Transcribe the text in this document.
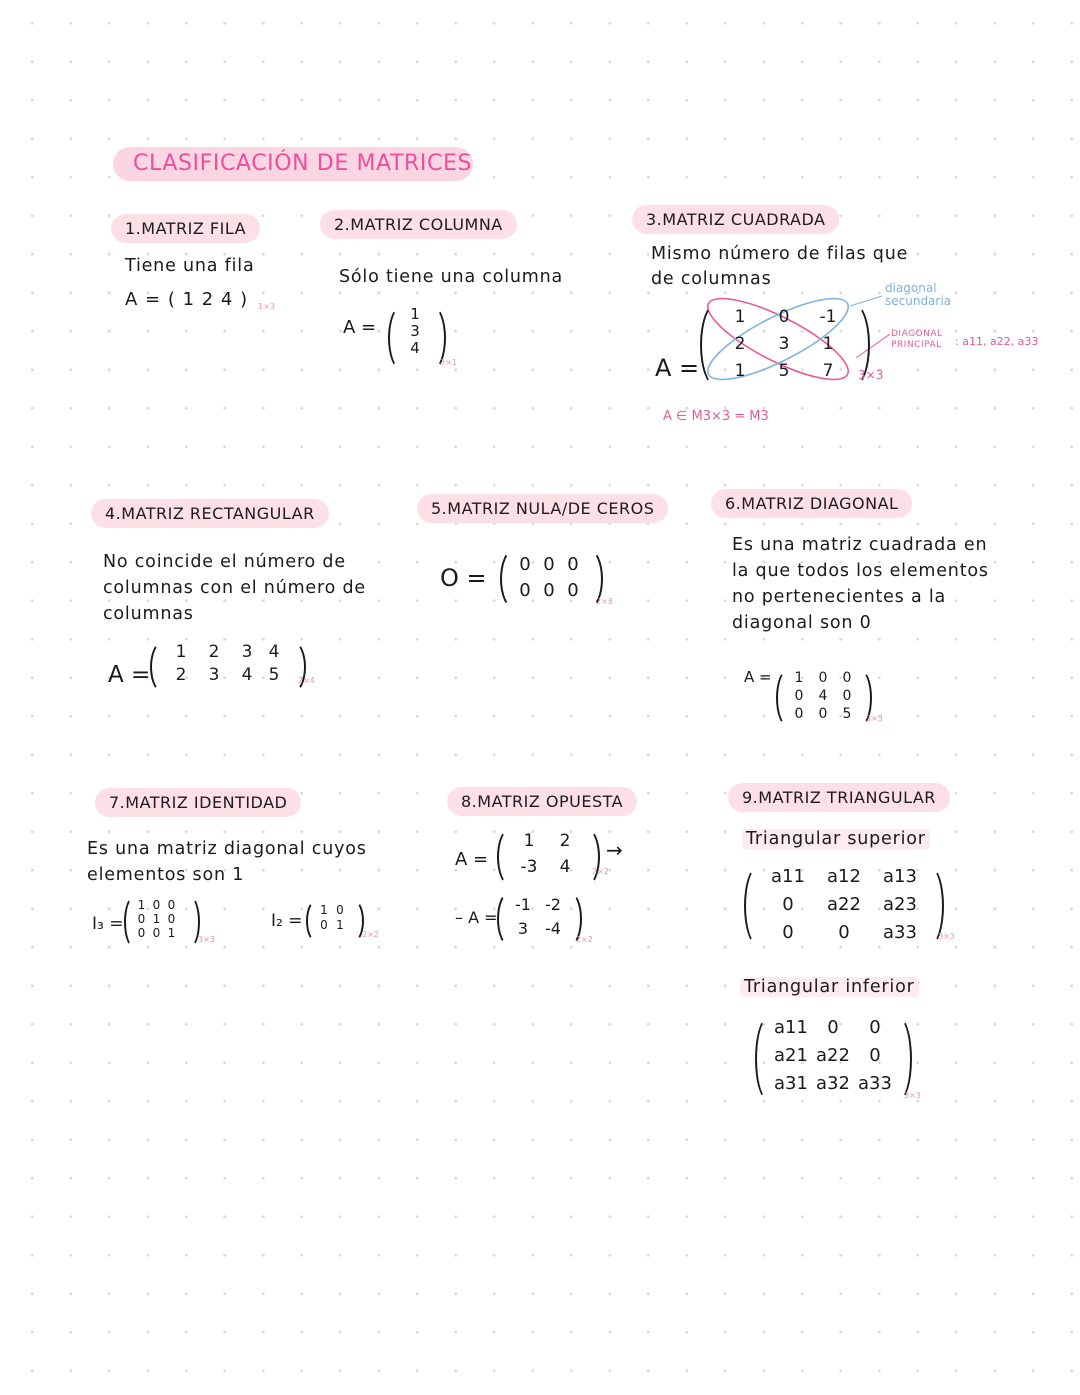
CLASIFICACIÓN DE MATRICES
1.MATRIZ FILA
Tiene una fila
A = ( 1 2 4 ) 1×3
2.MATRIZ COLUMNA
Sólo tiene una columna
A =
1
3
4
3×1
3.MATRIZ CUADRADA
Mismo número de filas que
de columnas
A =
1	0	-1
2	3	1
1	5	7	3×3
diagonal
secundaria
DIAGONAL
PRINCIPAL : a11, a22, a33
A ∈ M3×3 = M3
4.MATRIZ RECTANGULAR
No coincide el número de
columnas con el número de
columnas
A =
1	2	3 4
2	3	4 5	2×4
5.MATRIZ NULA/DE CEROS
O =	0 0 0
0 0 0
2×3
6.MATRIZ DIAGONAL
Es una matriz cuadrada en
la que todos los elementos
no pertenecientes a la
diagonal son 0
A =	1	0	0
0	4	0
0	0	5	3×3
7.MATRIZ IDENTIDAD
Es una matriz diagonal cuyos
elementos son 1
I₃ =
1 0 0
0 1 0
0 0 1	3×3
I₂ =
1 0
0 1
2×2
8.MATRIZ OPUESTA
A =
1	2
-3	4	2×2
→
– A =
-1 -2
3	-4
2×2
9.MATRIZ TRIANGULAR
Triangular superior
a11	a12	a13
0	a22	a23
0	0	a33	3×3
Triangular inferior
a11	0	0
a21 a22	0
a31 a32 a33
3×3
